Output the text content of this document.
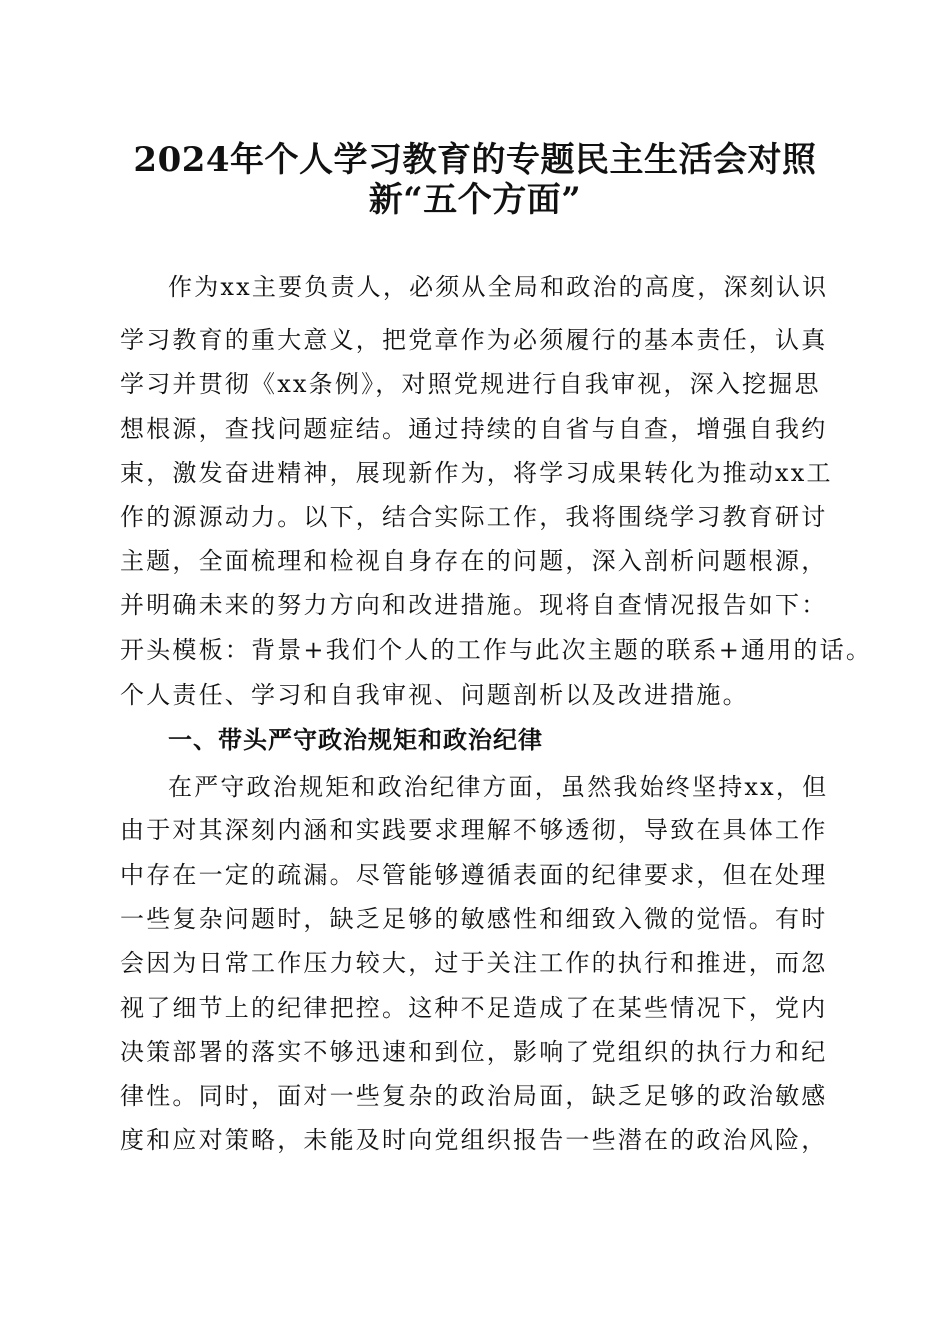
2024年个人学习教育的专题民主生活会对照
新“五个方面”

作为xx主要负责人，必须从全局和政治的高度，深刻认识

学习教育的重大意义，把党章作为必须履行的基本责任，认真

学习并贯彻《xx条例》，对照党规进行自我审视，深入挖掘思

想根源，查找问题症结。通过持续的自省与自查，增强自我约

束，激发奋进精神，展现新作为，将学习成果转化为推动xx工

作的源源动力。以下，结合实际工作，我将围绕学习教育研讨

主题，全面梳理和检视自身存在的问题，深入剖析问题根源，

并明确未来的努力方向和改进措施。现将自查情况报告如下：

开头模板：背景+我们个人的工作与此次主题的联系+通用的话。

个人责任、学习和自我审视、问题剖析以及改进措施。

一、带头严守政治规矩和政治纪律

在严守政治规矩和政治纪律方面，虽然我始终坚持xx，但

由于对其深刻内涵和实践要求理解不够透彻，导致在具体工作

中存在一定的疏漏。尽管能够遵循表面的纪律要求，但在处理

一些复杂问题时，缺乏足够的敏感性和细致入微的觉悟。有时

会因为日常工作压力较大，过于关注工作的执行和推进，而忽

视了细节上的纪律把控。这种不足造成了在某些情况下，党内

决策部署的落实不够迅速和到位，影响了党组织的执行力和纪

律性。同时，面对一些复杂的政治局面，缺乏足够的政治敏感

度和应对策略，未能及时向党组织报告一些潜在的政治风险，
